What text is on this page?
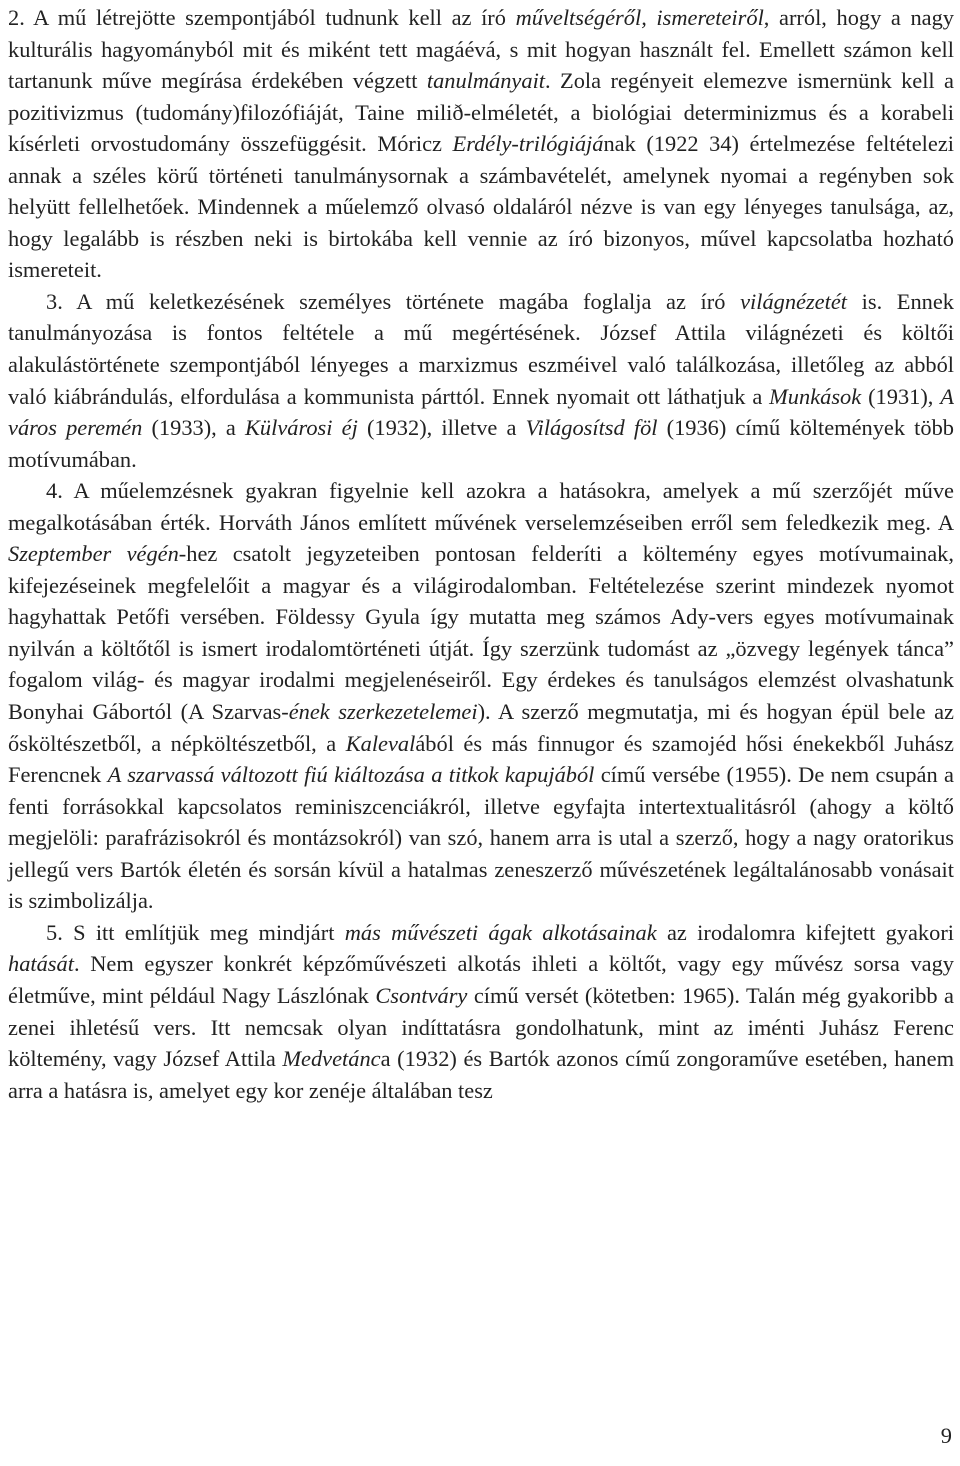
2. A mű létrejötte szempontjából tudnunk kell az író műveltségéről, ismereteiről, arról, hogy a nagy kulturális hagyományból mit és miként tett magáévá, s mit hogyan használt fel. Emellett számon kell tartanunk műve megírása érdekében végzett tanulmányait. Zola regényeit elemezve ismernünk kell a pozitivizmus (tudomány)filozófiáját, Taine milið-elméletét, a biológiai determinizmus és a korabeli kísérleti orvostudomány összefüggésit. Móricz Erdély-trilógiájának (1922 34) értelmezése feltételezi annak a széles körű történeti tanulmánysornak a számbavételét, amelynek nyomai a regényben sok helyütt fellelhetőek. Mindennek a műelemző olvasó oldaláról nézve is van egy lényeges tanulsága, az, hogy legalább is részben neki is birtokába kell vennie az író bizonyos, művel kapcsolatba hozható ismereteit.

3. A mű keletkezésének személyes története magába foglalja az író világnézetét is. Ennek tanulmányozása is fontos feltétele a mű megértésének. József Attila világnézeti és költői alakulástörténete szempontjából lényeges a marxizmus eszméivel való találkozása, illetőleg az abból való kiábrándulás, elfordulása a kommunista párttól. Ennek nyomait ott láthatjuk a Munkások (1931), A város peremén (1933), a Külvárosi éj (1932), illetve a Világosítsd föl (1936) című költemények több motívumában.

4. A műelemzésnek gyakran figyelnie kell azokra a hatásokra, amelyek a mű szerzőjét műve megalkotásában érték. Horváth János említett művének verselemzéseiben erről sem feledkezik meg. A Szeptember végén-hez csatolt jegyzeteiben pontosan felderíti a költemény egyes motívumainak, kifejezéseinek megfelelőit a magyar és a világirodalomban. Feltételezése szerint mindezek nyomot hagyhattak Petőfi versében. Földessy Gyula így mutatta meg számos Ady-vers egyes motívumainak nyilván a költőtől is ismert irodalomtörténeti útját. Így szerzünk tudomást az „özvegy legények tánca” fogalom világ- és magyar irodalmi megjelenéseiről. Egy érdekes és tanulságos elemzést olvashatunk Bonyhai Gábortól (A Szarvas-ének szerkezetelemei). A szerző megmutatja, mi és hogyan épül bele az ősköltészetből, a népköltészetből, a Kalevalából és más finnugor és szamojéd hősi énekekből Juhász Ferencnek A szarvassá változott fiú kiáltozása a titkok kapujából című versébe (1955). De nem csupán a fenti forrásokkal kapcsolatos reminiszcenciákról, illetve egyfajta intertextualitásról (ahogy a költő megjelöli: parafrázisokról és montázsokról) van szó, hanem arra is utal a szerző, hogy a nagy oratorikus jellegű vers Bartók életén és sorsán kívül a hatalmas zeneszerző művészetének legáltalánosabb vonásait is szimbolizálja.

5. S itt említjük meg mindjárt más művészeti ágak alkotásainak az irodalomra kifejtett gyakori hatását. Nem egyszer konkrét képzőművészeti alkotás ihleti a költőt, vagy egy művész sorsa vagy életműve, mint például Nagy Lászlónak Csontváry című versét (kötetben: 1965). Talán még gyakoribb a zenei ihletésű vers. Itt nemcsak olyan indíttatásra gondolhatunk, mint az iménti Juhász Ferenc költemény, vagy József Attila Medvetánca (1932) és Bartók azonos című zongoraműve esetében, hanem arra a hatásra is, amelyet egy kor zenéje általában tesz

9
